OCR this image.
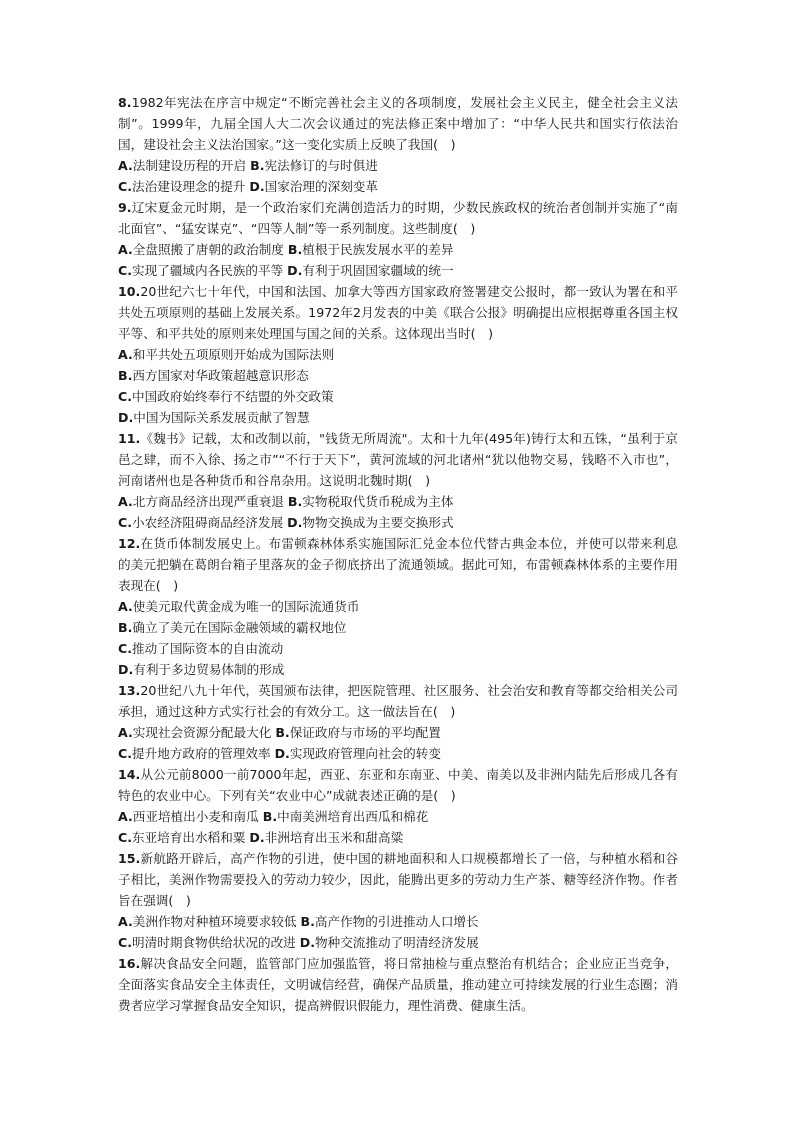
8.1982年宪法在序言中规定“不断完善社会主义的各项制度，发展社会主义民主，健全社会主义法制”。1999年，九届全国人大二次会议通过的宪法修正案中增加了：“中华人民共和国实行依法治国，建设社会主义法治国家。”这一变化实质上反映了我国(　)

A.法制建设历程的开启 B.宪法修订的与时俱进

C.法治建设理念的提升 D.国家治理的深刻变革

9.辽宋夏金元时期，是一个政治家们充满创造活力的时期，少数民族政权的统治者创制并实施了“南北面官”、“猛安谋克”、“四等人制”等一系列制度。这些制度(　)

A.全盘照搬了唐朝的政治制度 B.植根于民族发展水平的差异

C.实现了疆域内各民族的平等 D.有利于巩固国家疆域的统一

10.20世纪六七十年代，中国和法国、加拿大等西方国家政府签署建交公报时，都一致认为署在和平共处五项原则的基础上发展关系。1972年2月发表的中美《联合公报》明确提出应根据尊重各国主权平等、和平共处的原则来处理国与国之间的关系。这体现出当时(　)

A.和平共处五项原则开始成为国际法则

B.西方国家对华政策超越意识形态

C.中国政府始终奉行不结盟的外交政策

D.中国为国际关系发展贡献了智慧

11.《魏书》记载，太和改制以前，"钱货无所周流"。太和十九年(495年)铸行太和五铢，“虽利于京邑之肆，而不入徐、扬之市”“不行于天下”，黄河流域的河北诸州“犹以他物交易，钱略不入市也”，河南诸州也是各种货币和谷帛杂用。这说明北魏时期(　)

A.北方商品经济出现严重衰退 B.实物税取代货币税成为主体

C.小农经济阻碍商品经济发展 D.物物交换成为主要交换形式

12.在货币体制发展史上。布雷顿森林体系实施国际汇兑金本位代替古典金本位，并使可以带来利息的美元把躺在葛朗台箱子里落灰的金子彻底挤出了流通领域。据此可知，布雷顿森林体系的主要作用表现在(　)

A.使美元取代黄金成为唯一的国际流通货币

B.确立了美元在国际金融领域的霸权地位

C.推动了国际资本的自由流动

D.有利于多边贸易体制的形成

13.20世纪八九十年代，英国颁布法律，把医院管理、社区服务、社会治安和教育等都交给相关公司承担，通过这种方式实行社会的有效分工。这一做法旨在(　)

A.实现社会资源分配最大化 B.保证政府与市场的平均配置

C.提升地方政府的管理效率 D.实现政府管理向社会的转变

14.从公元前8000一前7000年起，西亚、东亚和东南亚、中美、南美以及非洲内陆先后形成几各有特色的农业中心。下列有关“农业中心”成就表述正确的是(　)

A.西亚培植出小麦和南瓜 B.中南美洲培育出西瓜和棉花

C.东亚培育出水稻和粟 D.非洲培育出玉米和甜高粱

15.新航路开辟后，高产作物的引进，使中国的耕地面积和人口规模都增长了一倍，与种植水稻和谷子相比，美洲作物需要投入的劳动力较少，因此，能腾出更多的劳动力生产茶、糖等经济作物。作者旨在强调(　)

A.美洲作物对种植环境要求较低 B.高产作物的引进推动人口增长

C.明清时期食物供给状况的改进 D.物种交流推动了明清经济发展

16.解决食品安全问题，监管部门应加强监管，将日常抽检与重点整治有机结合；企业应正当竞争，全面落实食品安全主体责任，文明诚信经营，确保产品质量，推动建立可持续发展的行业生态圈；消费者应学习掌握食品安全知识，提高辨假识假能力，理性消费、健康生活。
